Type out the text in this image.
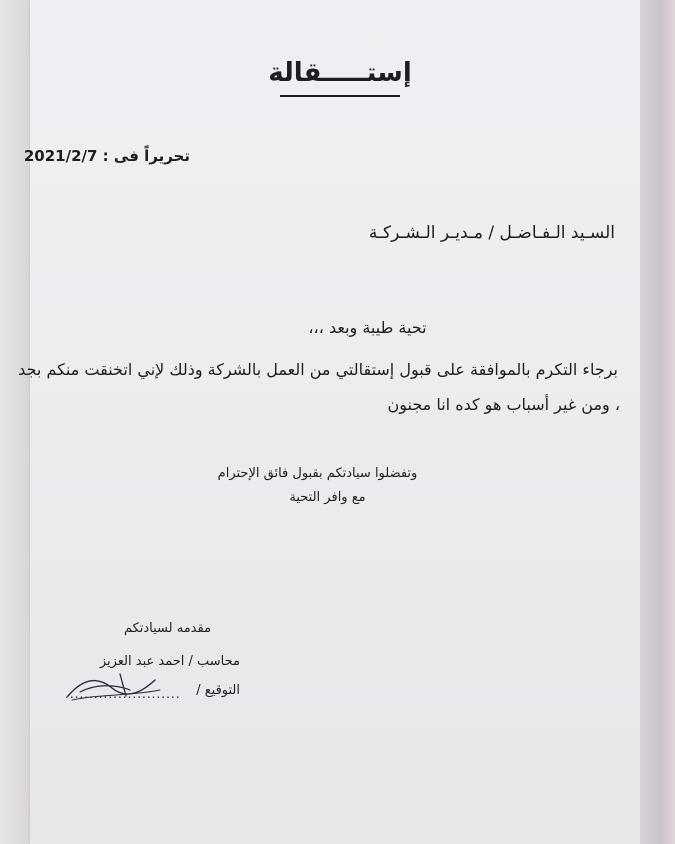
إستـــــقالة
تحريراً فى : 2021/2/7
السـيد الـفـاضـل / مـديـر الـشـركـة
تحية طيبة وبعد ،،،
برجاء التكرم بالموافقة على قبول إستقالتي من العمل بالشركة وذلك لإني اتخنقت منكم بجد
، ومن غير أسباب هو كده انا مجنون
وتفضلوا سيادتكم بقبول فائق الإحترام
مع وافر التحية
مقدمه لسيادتكم
محاسب / احمد عبد العزيز
التوقيع /
........................
